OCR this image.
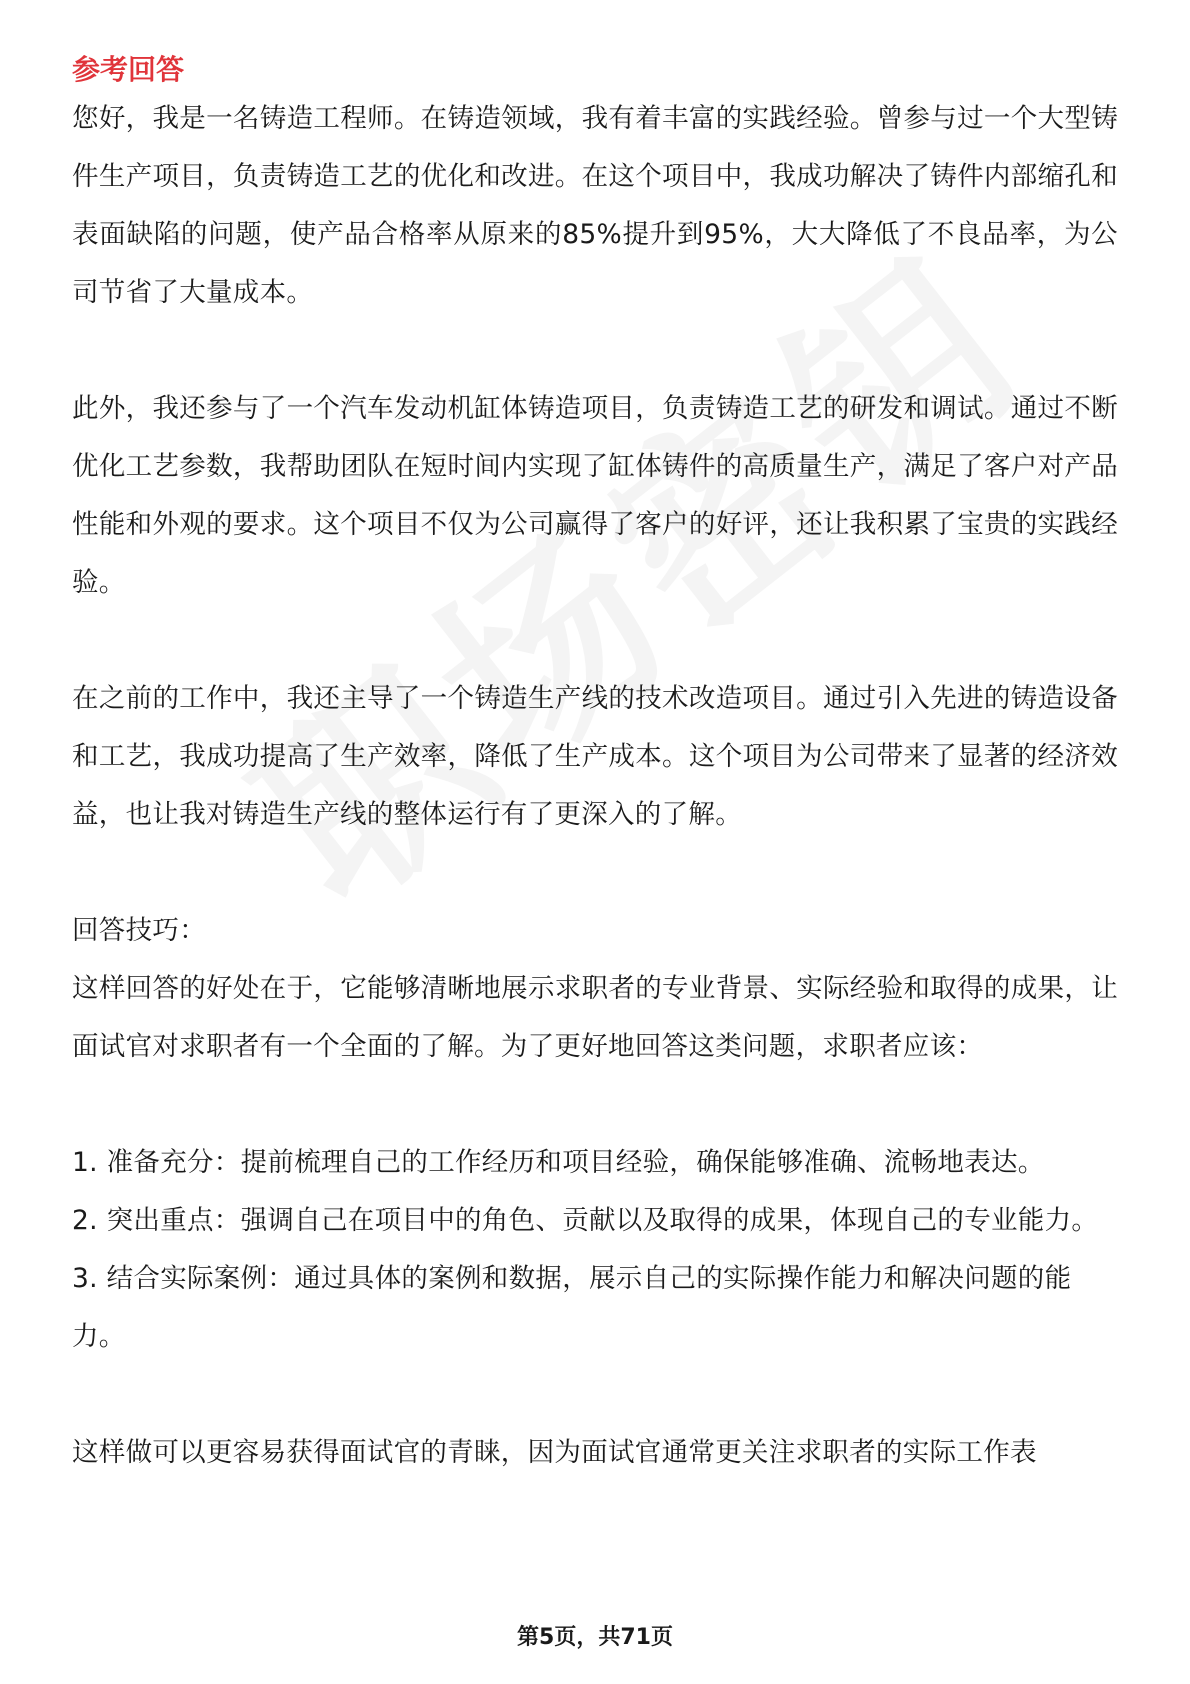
参考回答

您好，我是一名铸造工程师。在铸造领域，我有着丰富的实践经验。曾参与过一个大型铸件生产项目，负责铸造工艺的优化和改进。在这个项目中，我成功解决了铸件内部缩孔和表面缺陷的问题，使产品合格率从原来的85%提升到95%，大大降低了不良品率，为公司节省了大量成本。

此外，我还参与了一个汽车发动机缸体铸造项目，负责铸造工艺的研发和调试。通过不断优化工艺参数，我帮助团队在短时间内实现了缸体铸件的高质量生产，满足了客户对产品性能和外观的要求。这个项目不仅为公司赢得了客户的好评，还让我积累了宝贵的实践经验。

在之前的工作中，我还主导了一个铸造生产线的技术改造项目。通过引入先进的铸造设备和工艺，我成功提高了生产效率，降低了生产成本。这个项目为公司带来了显著的经济效益，也让我对铸造生产线的整体运行有了更深入的了解。

回答技巧：

这样回答的好处在于，它能够清晰地展示求职者的专业背景、实际经验和取得的成果，让面试官对求职者有一个全面的了解。为了更好地回答这类问题，求职者应该：

1. 准备充分：提前梳理自己的工作经历和项目经验，确保能够准确、流畅地表达。

2. 突出重点：强调自己在项目中的角色、贡献以及取得的成果，体现自己的专业能力。

3. 结合实际案例：通过具体的案例和数据，展示自己的实际操作能力和解决问题的能力。

这样做可以更容易获得面试官的青睐，因为面试官通常更关注求职者的实际工作表

第5页，共71页
